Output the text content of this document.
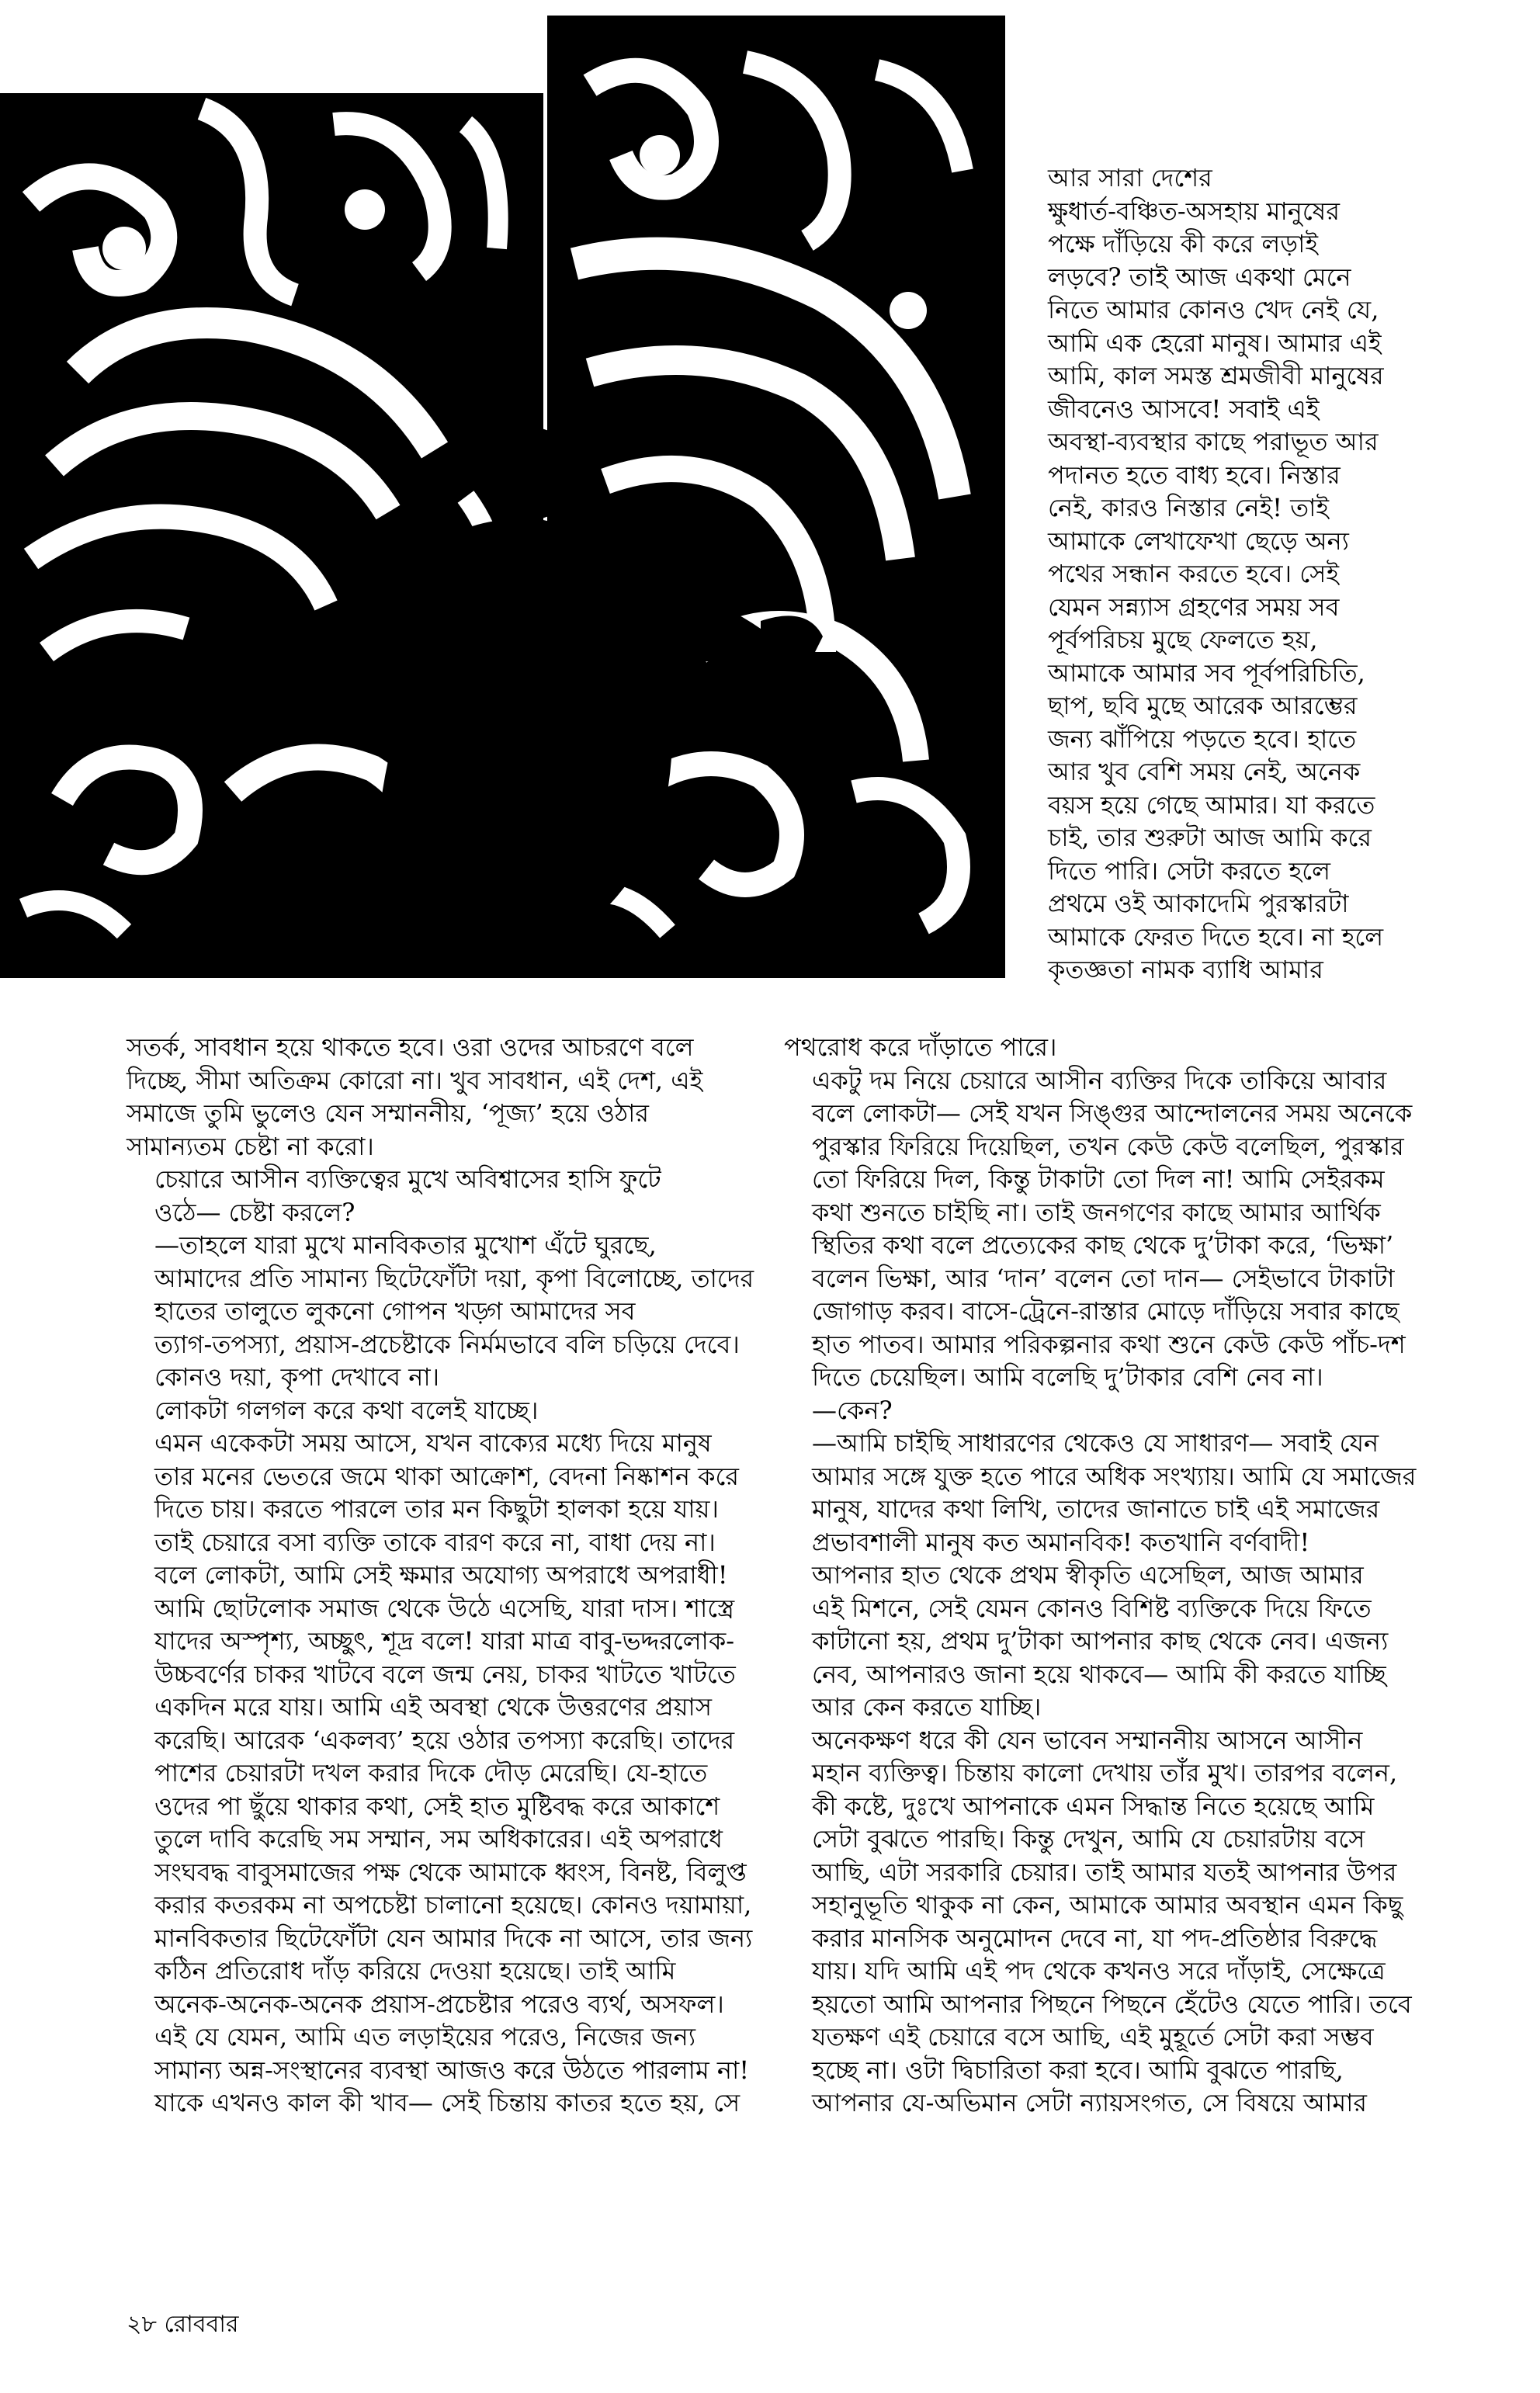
আর সারা দেশের
ক্ষুধার্ত-বঞ্চিত-অসহায় মানুষের
পক্ষে দাঁড়িয়ে কী করে লড়াই
লড়বে? তাই আজ একথা মেনে
নিতে আমার কোনও খেদ নেই যে,
আমি এক হেরো মানুষ। আমার এই
আমি, কাল সমস্ত শ্রমজীবী মানুষের
জীবনেও আসবে! সবাই এই
অবস্থা-ব্যবস্থার কাছে পরাভূত আর
পদানত হতে বাধ্য হবে। নিস্তার
নেই, কারও নিস্তার নেই! তাই
আমাকে লেখাফেখা ছেড়ে অন্য
পথের সন্ধান করতে হবে। সেই
যেমন সন্ন্যাস গ্রহণের সময় সব
পূর্বপরিচয় মুছে ফেলতে হয়,
আমাকে আমার সব পূর্বপরিচিতি,
ছাপ, ছবি মুছে আরেক আরম্ভের
জন্য ঝাঁপিয়ে পড়তে হবে। হাতে
আর খুব বেশি সময় নেই, অনেক
বয়স হয়ে গেছে আমার। যা করতে
চাই, তার শুরুটা আজ আমি করে
দিতে পারি। সেটা করতে হলে
প্রথমে ওই আকাদেমি পুরস্কারটা
আমাকে ফেরত দিতে হবে। না হলে
কৃতজ্ঞতা নামক ব্যাধি আমার

সতর্ক, সাবধান হয়ে থাকতে হবে। ওরা ওদের আচরণে বলে
দিচ্ছে, সীমা অতিক্রম কোরো না। খুব সাবধান, এই দেশ, এই
সমাজে তুমি ভুলেও যেন সম্মাননীয়, ‘পূজ্য’ হয়ে ওঠার
সামান্যতম চেষ্টা না করো।

চেয়ারে আসীন ব্যক্তিত্বের মুখে অবিশ্বাসের হাসি ফুটে
ওঠে— চেষ্টা করলে?

—তাহলে যারা মুখে মানবিকতার মুখোশ এঁটে ঘুরছে,
আমাদের প্রতি সামান্য ছিটেফোঁটা দয়া, কৃপা বিলোচ্ছে, তাদের
হাতের তালুতে লুকনো গোপন খড়্গ আমাদের সব
ত্যাগ-তপস্যা, প্রয়াস-প্রচেষ্টাকে নির্মমভাবে বলি চড়িয়ে দেবে।
কোনও দয়া, কৃপা দেখাবে না।

লোকটা গলগল করে কথা বলেই যাচ্ছে।

এমন একেকটা সময় আসে, যখন বাক্যের মধ্যে দিয়ে মানুষ
তার মনের ভেতরে জমে থাকা আক্রোশ, বেদনা নিষ্কাশন করে
দিতে চায়। করতে পারলে তার মন কিছুটা হালকা হয়ে যায়।
তাই চেয়ারে বসা ব্যক্তি তাকে বারণ করে না, বাধা দেয় না।

বলে লোকটা, আমি সেই ক্ষমার অযোগ্য অপরাধে অপরাধী!
আমি ছোটলোক সমাজ থেকে উঠে এসেছি, যারা দাস। শাস্ত্রে
যাদের অস্পৃশ্য, অচ্ছুৎ, শূদ্র বলে! যারা মাত্র বাবু-ভদ্দরলোক-
উচ্চবর্ণের চাকর খাটবে বলে জন্ম নেয়, চাকর খাটতে খাটতে
একদিন মরে যায়। আমি এই অবস্থা থেকে উত্তরণের প্রয়াস
করেছি। আরেক ‘একলব্য’ হয়ে ওঠার তপস্যা করেছি। তাদের
পাশের চেয়ারটা দখল করার দিকে দৌড় মেরেছি। যে-হাতে
ওদের পা ছুঁয়ে থাকার কথা, সেই হাত মুষ্টিবদ্ধ করে আকাশে
তুলে দাবি করেছি সম সম্মান, সম অধিকারের। এই অপরাধে
সংঘবদ্ধ বাবুসমাজের পক্ষ থেকে আমাকে ধ্বংস, বিনষ্ট, বিলুপ্ত
করার কতরকম না অপচেষ্টা চালানো হয়েছে। কোনও দয়ামায়া,
মানবিকতার ছিটেফোঁটা যেন আমার দিকে না আসে, তার জন্য
কঠিন প্রতিরোধ দাঁড় করিয়ে দেওয়া হয়েছে। তাই আমি
অনেক-অনেক-অনেক প্রয়াস-প্রচেষ্টার পরেও ব্যর্থ, অসফল।

এই যে যেমন, আমি এত লড়াইয়ের পরেও, নিজের জন্য
সামান্য অন্ন-সংস্থানের ব্যবস্থা আজও করে উঠতে পারলাম না!
যাকে এখনও কাল কী খাব— সেই চিন্তায় কাতর হতে হয়, সে

পথরোধ করে দাঁড়াতে পারে।

একটু দম নিয়ে চেয়ারে আসীন ব্যক্তির দিকে তাকিয়ে আবার
বলে লোকটা— সেই যখন সিঙ্গুর আন্দোলনের সময় অনেকে
পুরস্কার ফিরিয়ে দিয়েছিল, তখন কেউ কেউ বলেছিল, পুরস্কার
তো ফিরিয়ে দিল, কিন্তু টাকাটা তো দিল না! আমি সেইরকম
কথা শুনতে চাইছি না। তাই জনগণের কাছে আমার আর্থিক
স্থিতির কথা বলে প্রত্যেকের কাছ থেকে দু’টাকা করে, ‘ভিক্ষা’
বলেন ভিক্ষা, আর ‘দান’ বলেন তো দান— সেইভাবে টাকাটা
জোগাড় করব। বাসে-ট্রেনে-রাস্তার মোড়ে দাঁড়িয়ে সবার কাছে
হাত পাতব। আমার পরিকল্পনার কথা শুনে কেউ কেউ পাঁচ-দশ
দিতে চেয়েছিল। আমি বলেছি দু’টাকার বেশি নেব না।

—কেন?

—আমি চাইছি সাধারণের থেকেও যে সাধারণ— সবাই যেন
আমার সঙ্গে যুক্ত হতে পারে অধিক সংখ্যায়। আমি যে সমাজের
মানুষ, যাদের কথা লিখি, তাদের জানাতে চাই এই সমাজের
প্রভাবশালী মানুষ কত অমানবিক! কতখানি বর্ণবাদী!

আপনার হাত থেকে প্রথম স্বীকৃতি এসেছিল, আজ আমার
এই মিশনে, সেই যেমন কোনও বিশিষ্ট ব্যক্তিকে দিয়ে ফিতে
কাটানো হয়, প্রথম দু’টাকা আপনার কাছ থেকে নেব। এজন্য
নেব, আপনারও জানা হয়ে থাকবে— আমি কী করতে যাচ্ছি
আর কেন করতে যাচ্ছি।

অনেকক্ষণ ধরে কী যেন ভাবেন সম্মাননীয় আসনে আসীন
মহান ব্যক্তিত্ব। চিন্তায় কালো দেখায় তাঁর মুখ। তারপর বলেন,
কী কষ্টে, দুঃখে আপনাকে এমন সিদ্ধান্ত নিতে হয়েছে আমি
সেটা বুঝতে পারছি। কিন্তু দেখুন, আমি যে চেয়ারটায় বসে
আছি, এটা সরকারি চেয়ার। তাই আমার যতই আপনার উপর
সহানুভূতি থাকুক না কেন, আমাকে আমার অবস্থান এমন কিছু
করার মানসিক অনুমোদন দেবে না, যা পদ-প্রতিষ্ঠার বিরুদ্ধে
যায়। যদি আমি এই পদ থেকে কখনও সরে দাঁড়াই, সেক্ষেত্রে
হয়তো আমি আপনার পিছনে পিছনে হেঁটেও যেতে পারি। তবে
যতক্ষণ এই চেয়ারে বসে আছি, এই মুহূর্তে সেটা করা সম্ভব
হচ্ছে না। ওটা দ্বিচারিতা করা হবে। আমি বুঝতে পারছি,
আপনার যে-অভিমান সেটা ন্যায়সংগত, সে বিষয়ে আমার

২৮ রোববার
